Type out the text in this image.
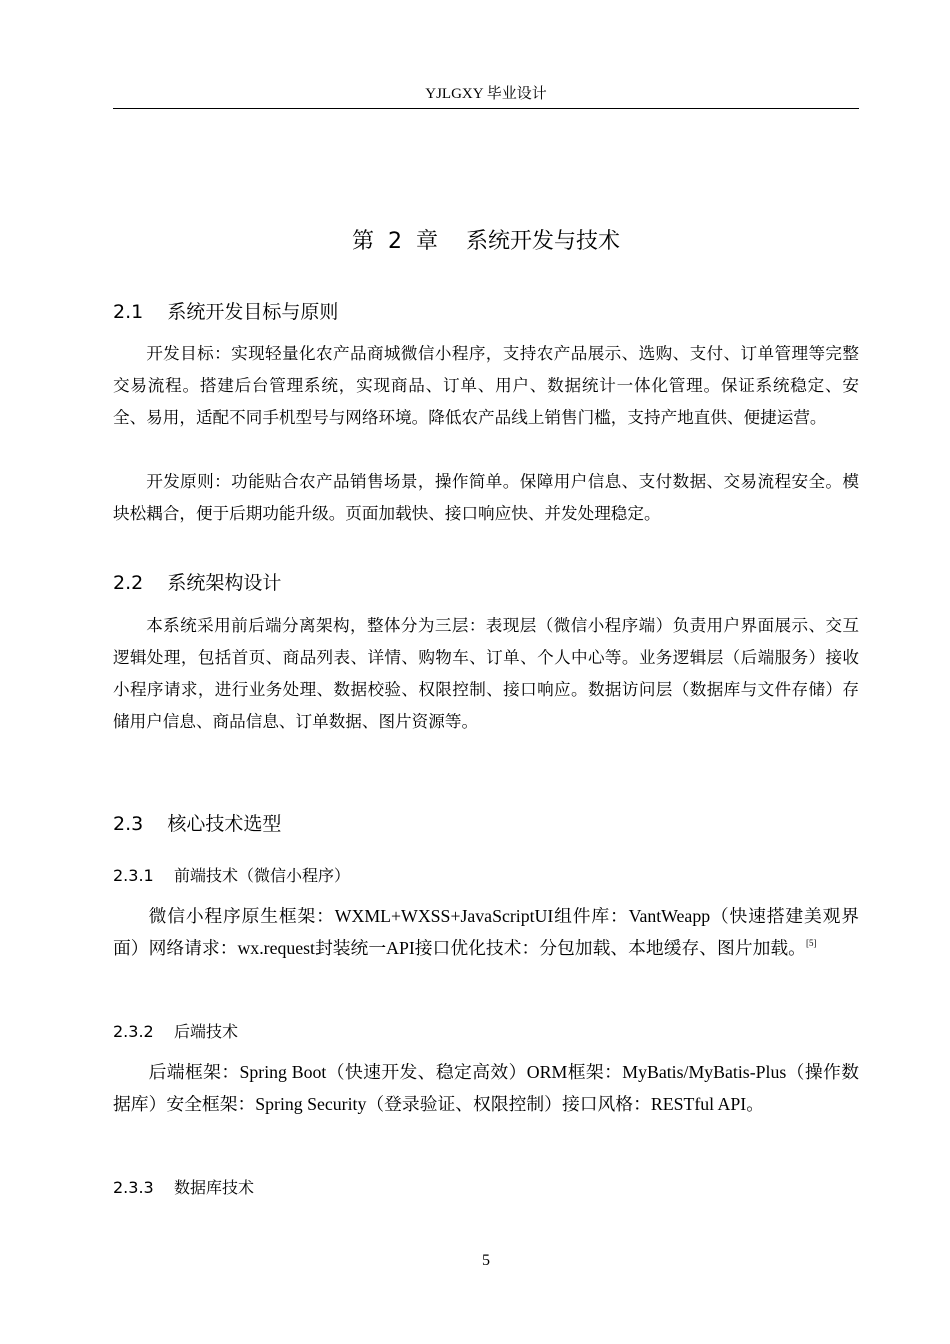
YJLGXY 毕业设计
第  2  章    系统开发与技术
2.1    系统开发目标与原则

开发目标：实现轻量化农产品商城微信小程序，支持农产品展示、选购、支付、订单管理等完整交易流程。搭建后台管理系统，实现商品、订单、用户、数据统计一体化管理。保证系统稳定、安全、易用，适配不同手机型号与网络环境。降低农产品线上销售门槛，支持产地直供、便捷运营。

开发原则：功能贴合农产品销售场景，操作简单。保障用户信息、支付数据、交易流程安全。模块松耦合，便于后期功能升级。页面加载快、接口响应快、并发处理稳定。

2.2    系统架构设计

本系统采用前后端分离架构，整体分为三层：表现层（微信小程序端）负责用户界面展示、交互逻辑处理，包括首页、商品列表、详情、购物车、订单、个人中心等。业务逻辑层（后端服务）接收小程序请求，进行业务处理、数据校验、权限控制、接口响应。数据访问层（数据库与文件存储）存储用户信息、商品信息、订单数据、图片资源等。

2.3    核心技术选型
2.3.1    前端技术（微信小程序）

微信小程序原生框架：WXML+WXSS+JavaScriptUI组件库：VantWeapp（快速搭建美观界面）网络请求：wx.request封装统一API接口优化技术：分包加载、本地缓存、图片加载。[5]

2.3.2    后端技术

后端框架：Spring Boot（快速开发、稳定高效）ORM框架：MyBatis/MyBatis-Plus（操作数据库）安全框架：Spring Security（登录验证、权限控制）接口风格：RESTful API。

2.3.3    数据库技术
5
